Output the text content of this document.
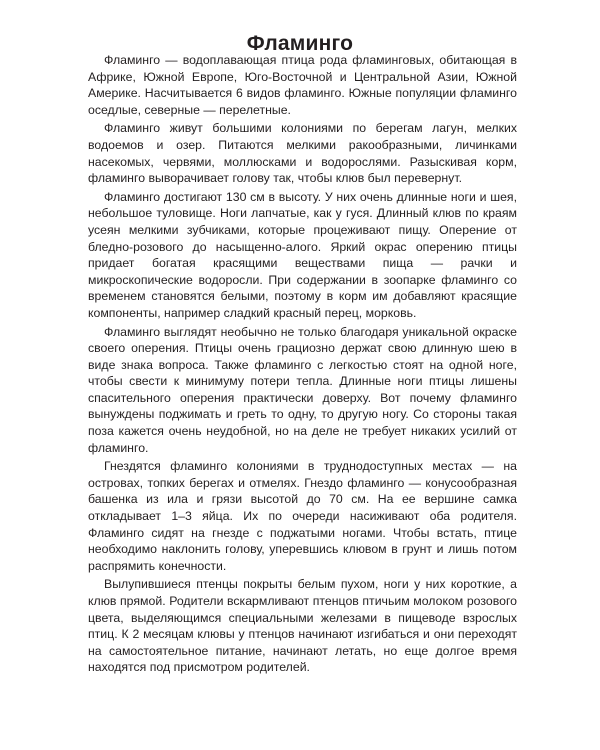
Фламинго

Фламинго — водоплавающая птица рода фламинговых, обитающая в Африке, Южной Европе, Юго-Восточной и Центральной Азии, Южной Америке. Насчитывается 6 видов фламинго. Южные популяции фламинго оседлые, северные — перелетные.

Фламинго живут большими колониями по берегам лагун, мелких водоемов и озер. Питаются мелкими ракообразными, личинками насекомых, червями, моллюсками и водорослями. Разыскивая корм, фламинго выворачивает голову так, чтобы клюв был перевернут.

Фламинго достигают 130 см в высоту. У них очень длинные ноги и шея, небольшое туловище. Ноги лапчатые, как у гуся. Длинный клюв по краям усеян мелкими зубчиками, которые процеживают пищу. Оперение от бледно-розового до насыщенно-алого. Яркий окрас оперению птицы придает богатая красящими веществами пища — рачки и микроскопические водоросли. При содержании в зоопарке фламинго со временем становятся белыми, поэтому в корм им добавляют красящие компоненты, например сладкий красный перец, морковь.

Фламинго выглядят необычно не только благодаря уникальной окраске своего оперения. Птицы очень грациозно держат свою длинную шею в виде знака вопроса. Также фламинго с легкостью стоят на одной ноге, чтобы свести к минимуму потери тепла. Длинные ноги птицы лишены спасительного оперения практически доверху. Вот почему фламинго вынуждены поджимать и греть то одну, то другую ногу. Со стороны такая поза кажется очень неудобной, но на деле не требует никаких усилий от фламинго.

Гнездятся фламинго колониями в труднодоступных местах — на островах, топких берегах и отмелях. Гнездо фламинго — конусообразная башенка из ила и грязи высотой до 70 см. На ее вершине самка откладывает 1–3 яйца. Их по очереди насиживают оба родителя. Фламинго сидят на гнезде с поджатыми ногами. Чтобы встать, птице необходимо наклонить голову, уперевшись клювом в грунт и лишь потом распрямить конечности.

Вылупившиеся птенцы покрыты белым пухом, ноги у них короткие, а клюв прямой. Родители вскармливают птенцов птичьим молоком розового цвета, выделяющимся специальными железами в пищеводе взрослых птиц. К 2 месяцам клювы у птенцов начинают изгибаться и они переходят на самостоятельное питание, начинают летать, но еще долгое время находятся под присмотром родителей.
